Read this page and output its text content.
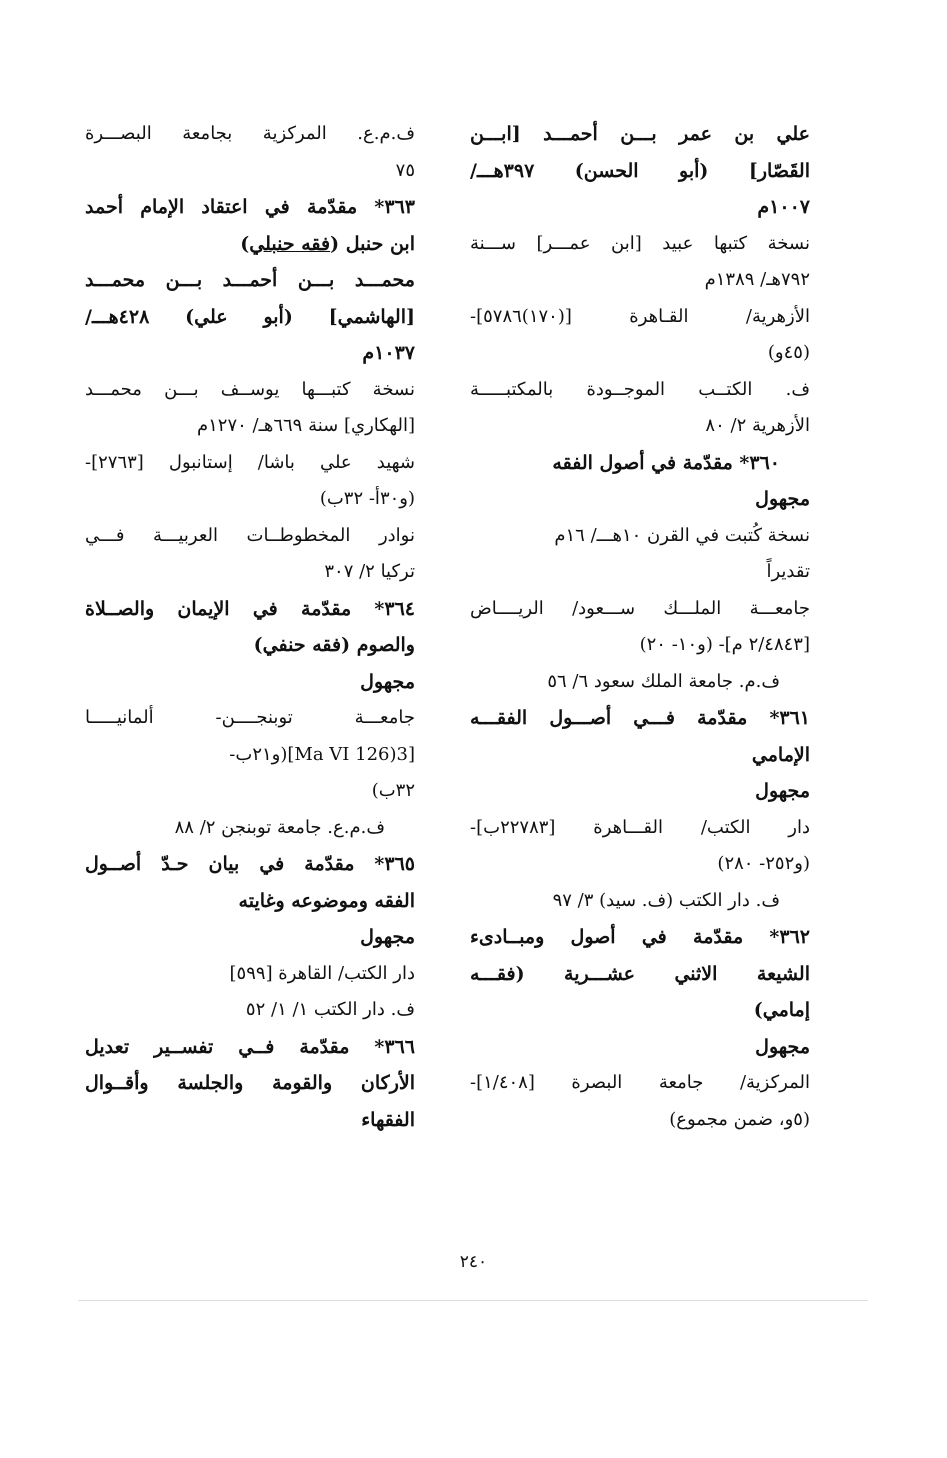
علي بن عمر بـــن أحمـــد [ابـــن
القَصّار] (أبو الحسن) ٣٩٧هـــ/
١٠٠٧م
نسخة كتبها عبيد [ابن عمـــر] ســـنة
٧٩٢هـ/ ١٣٨٩م
الأزهرية/ القـاهرة [(١٧٠)٥٧٨٦]-
(٤٥و)
ف. الكتــب الموجــودة بالمكتبـــــة
الأزهرية ٢/ ٨٠
٣٦٠* مقدّمة في أصول الفقه
مجهول
نسخة كُتبت في القرن ١٠هـــ/ ١٦م
تقديراً
جامعـــة الملـــك ســـعود/ الريــــاض
[٢/٤٨٤٣ م]- (و١٠- ٢٠)
ف.م. جامعة الملك سعود ٦/ ٥٦
٣٦١* مقدّمة فـــي أصـــول الفقـــه
الإمامي
مجهول
دار الكتب/ القـــاهرة [٢٢٧٨٣ب]-
(و٢٥٢- ٢٨٠)
ف. دار الكتب (ف. سيد) ٣/ ٩٧
٣٦٢* مقدّمة في أصول ومبــادىء
الشيعة الاثني عشـــرية (فقـــه
إمامي)
مجهول
المركزية/ جامعة البصرة [١/٤٠٨]-
(٥و، ضمن مجموع)
ف.م.ع. المركزية بجامعة البصـــرة
٧٥
٣٦٣* مقدّمة في اعتقاد الإمام أحمد
ابن حنبل (فقه حنبلي)
محمـــد بـــن أحمـــد بـــن محمـــد
[الهاشمي] (أبو علي) ٤٢٨هـــ/
١٠٣٧م
نسخة كتبـــها يوســف بـــن محمـــد
[الهكاري] سنة ٦٦٩هـ/ ١٢٧٠م
شهيد علي باشا/ إستانبول [٢٧٦٣]-
(و٣٠أ- ٣٢ب)
نوادر المخطوطــات العربيـــة فـــي
تركيا ٢/ ٣٠٧
٣٦٤* مقدّمة في الإيمان والصــلاة
والصوم (فقه حنفي)
مجهول
جامعـــة توبنجــــن- ألمانيـــــا
[Ma VI 126)3](و٢١ب-
٣٢ب)
ف.م.ع. جامعة توبنجن ٢/ ٨٨
٣٦٥* مقدّمة في بيان حـدّ أصــول
الفقه وموضوعه وغايته
مجهول
دار الكتب/ القاهرة [٥٩٩]
ف. دار الكتب ١/ ١/ ٥٢
٣٦٦* مقدّمة فــي تفســير تعديل
الأركان والقومة والجلسة وأقــوال
الفقهاء
٢٤٠
